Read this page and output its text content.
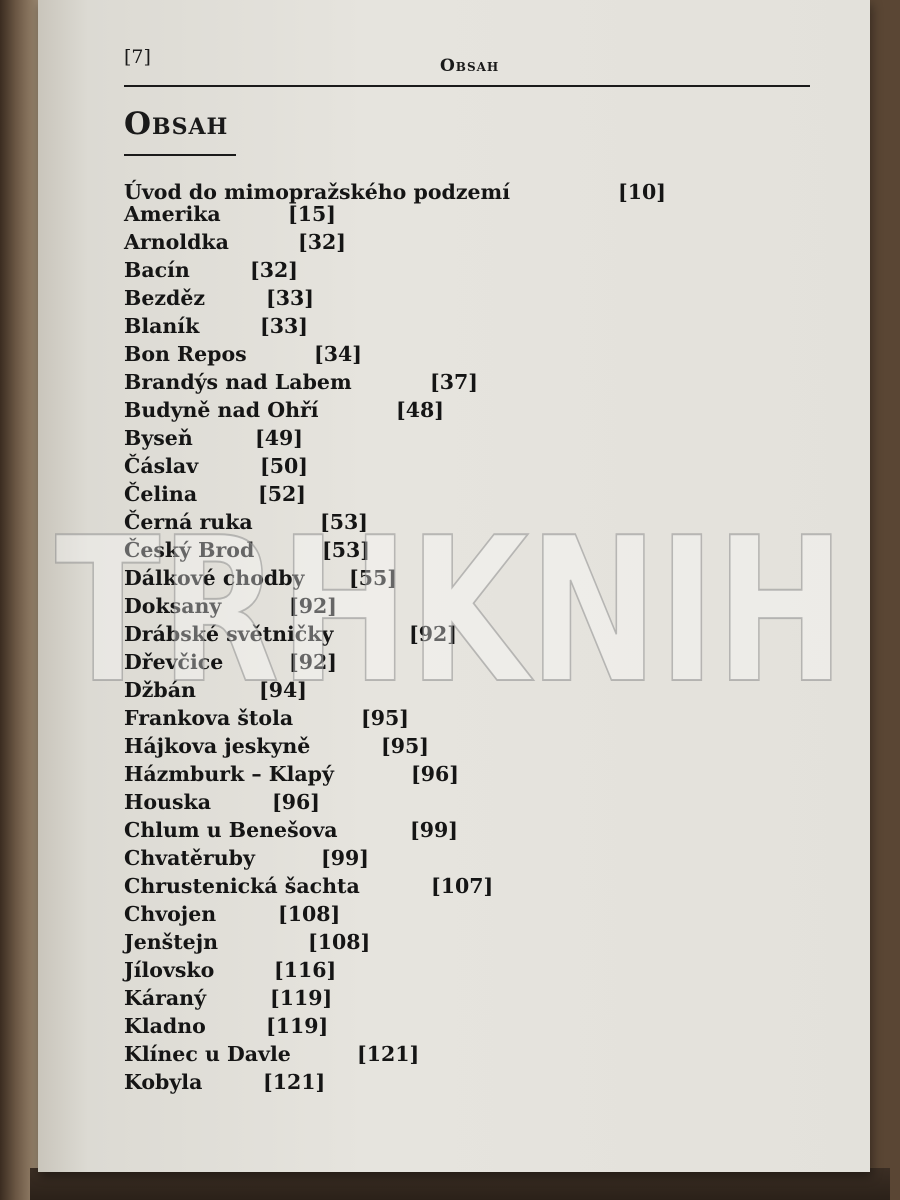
[7]	Obsah
Obsah
Úvod do mimopražského podzemí	[10]
Amerika	[15]
Arnoldka	[32]
Bacín	[32]
Bezděz	[33]
Blaník	[33]
Bon Repos	[34]
Brandýs nad Labem	[37]
Budyně nad Ohří	[48]
Byseň	[49]
Čáslav	[50]
Čelina	[52]
Černá ruka	[53]
Český Brod	[53]
Dálkové chodby [55]
Doksany	[92]
Drábské světničky	[92]
Dřevčice	[92]
Džbán	[94]
Frankova štola	[95]
Hájkova jeskyně	[95]
Házmburk – Klapý	[96]
Houska	[96]
Chlum u Benešova	[99]
Chvatěruby	[99]
Chrustenická šachta	[107]
Chvojen	[108]
Jenštejn	[108]
Jílovsko	[116]
Káraný	[119]
Kladno	[119]
Klínec u Davle	[121]
Kobyla	[121]
TRHKNIH
